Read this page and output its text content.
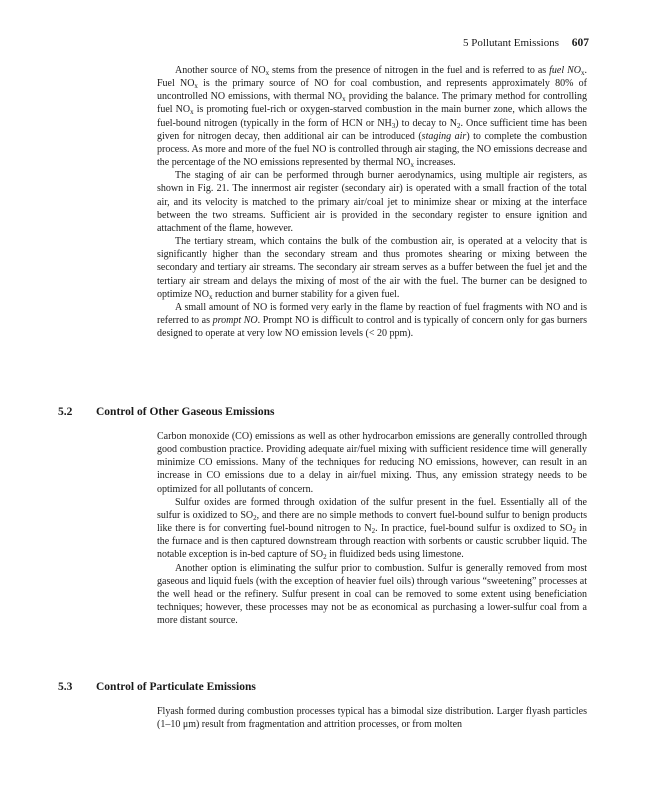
5 Pollutant Emissions 607

Another source of $NO_x$ stems from the presence of nitrogen in the fuel and is referred to as fuel $NO_x$. Fuel $NO_x$ is the primary source of NO for coal combustion, and represents approximately 80% of uncontrolled NO emissions, with thermal $NO_x$ providing the balance. The primary method for controlling fuel $NO_x$ is promoting fuel-rich or oxygen-starved combustion in the main burner zone, which allows the fuel-bound nitrogen (typically in the form of HCN or $NH_3$) to decay to $N_2$. Once sufficient time has been given for nitrogen decay, then additional air can be introduced (staging air) to complete the combustion process. As more and more of the fuel NO is controlled through air staging, the NO emissions decrease and the percentage of the NO emissions represented by thermal $NO_x$ increases.

The staging of air can be performed through burner aerodynamics, using multiple air registers, as shown in Fig. 21. The innermost air register (secondary air) is operated with a small fraction of the total air, and its velocity is matched to the primary air/coal jet to minimize shear or mixing at the interface between the two streams. Sufficient air is provided in the secondary register to ensure ignition and attachment of the flame, however.

The tertiary stream, which contains the bulk of the combustion air, is operated at a velocity that is significantly higher than the secondary stream and thus promotes shearing or mixing between the secondary and tertiary air streams. The secondary air stream serves as a buffer between the fuel jet and the tertiary air stream and delays the mixing of most of the air with the fuel. The burner can be designed to optimize $NO_x$ reduction and burner stability for a given fuel.

A small amount of NO is formed very early in the flame by reaction of fuel fragments with NO and is referred to as prompt NO. Prompt NO is difficult to control and is typically of concern only for gas burners designed to operate at very low NO emission levels (< 20 ppm).

5.2 Control of Other Gaseous Emissions

Carbon monoxide (CO) emissions as well as other hydrocarbon emissions are generally controlled through good combustion practice. Providing adequate air/fuel mixing with sufficient residence time will generally minimize CO emissions. Many of the techniques for reducing NO emissions, however, can result in an increase in CO emissions due to a delay in air/fuel mixing. Thus, any emission strategy needs to be optimized for all pollutants of concern.

Sulfur oxides are formed through oxidation of the sulfur present in the fuel. Essentially all of the sulfur is oxidized to $SO_2$, and there are no simple methods to convert fuel-bound sulfur to benign products like there is for converting fuel-bound nitrogen to $N_2$. In practice, fuel-bound sulfur is oxdized to $SO_2$ in the furnace and is then captured downstream through reaction with sorbents or caustic scrubber liquid. The notable exception is in-bed capture of $SO_2$ in fluidized beds using limestone.

Another option is eliminating the sulfur prior to combustion. Sulfur is generally removed from most gaseous and liquid fuels (with the exception of heavier fuel oils) through various “sweetening” processes at the well head or the refinery. Sulfur present in coal can be removed to some extent using beneficiation techniques; however, these processes may not be as economical as purchasing a lower-sulfur coal from a more distant source.

5.3 Control of Particulate Emissions

Flyash formed during combustion processes typical has a bimodal size distribution. Larger flyash particles (1–10 μm) result from fragmentation and attrition processes, or from molten
